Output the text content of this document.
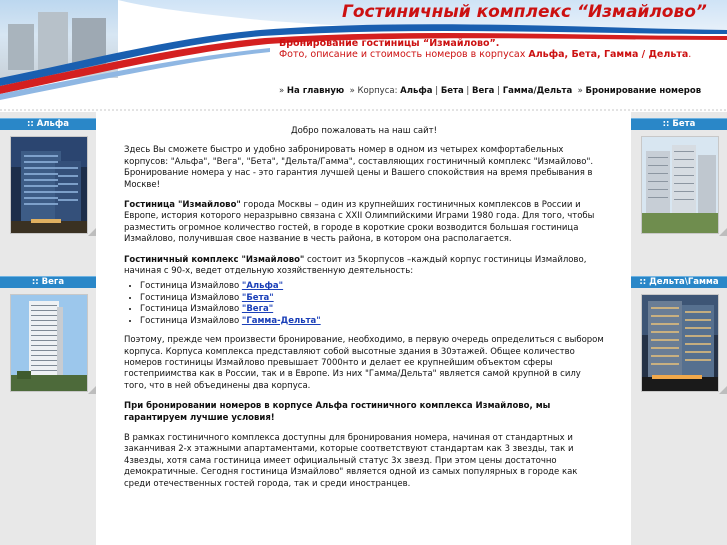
Гостиничный комплекс “Измайлово”
Бронирование гостиницы “Измайлово”.
Фото, описание и стоимость номеров в корпусах Альфа, Бета, Гамма / Дельта.
» На главную » Корпуса: Альфа | Бета | Вега | Гамма/Дельта » Бронирование номеров
:: Альфа
:: Вега
:: Бета
:: Дельта\Гамма

Добро пожаловать на наш сайт!

Здесь Вы сможете быстро и удобно забронировать номер в одном из четырех комфортабельных корпусов: "Альфа", "Вега", "Бета", "Дельта/Гамма", составляющих гостиничный комплекс "Измайлово".
Бронирование номера у нас - это гарантия лучшей цены и Вашего спокойствия на время пребывания в Москве!

Гостиница "Измайлово" города Москвы – один из крупнейших гостиничных комплексов в России и Европе, история которого неразрывно связана с XXII Олимпийскими Играми 1980 года. Для того, чтобы разместить огромное количество гостей, в городе в короткие сроки возводится большая гостиница Измайлово, получившая свое название в честь района, в котором она располагается.

Гостиничный комплекс "Измайлово" состоит из 5корпусов –каждый корпус гостиницы Измайлово, начиная с 90-х, ведет отдельную хозяйственную деятельность:

• Гостиница Измайлово "Альфа"
• Гостиница Измайлово "Бета"
• Гостиница Измайлово "Вега"
• Гостиница Измайлово "Гамма-Дельта"

Поэтому, прежде чем произвести бронирование, необходимо, в первую очередь определиться с выбором корпуса. Корпуса комплекса представляют собой высотные здания в 30этажей. Общее количество номеров гостиницы Измайлово превышает 7000нто и делает ее крупнейшим объектом сферы гостеприимства как в России, так и в Европе. Из них "Гамма/Дельта" является самой крупной в силу того, что в ней объединены два корпуса.

При бронировании номеров в корпусе Альфа гостиничного комплекса Измайлово, мы гарантируем лучшие условия!

В рамках гостиничного комплекса доступны для бронирования номера, начиная от стандартных и заканчивая 2-х этажными апартаментами, которые соответствуют стандартам как 3 звезды, так и 4звезды, хотя сама гостиница имеет официальный статус 3х звезд. При этом цены достаточно демократичные. Сегодня гостиница Измайлово" является одной из самых популярных в городе как среди отечественных гостей города, так и среди иностранцев.
